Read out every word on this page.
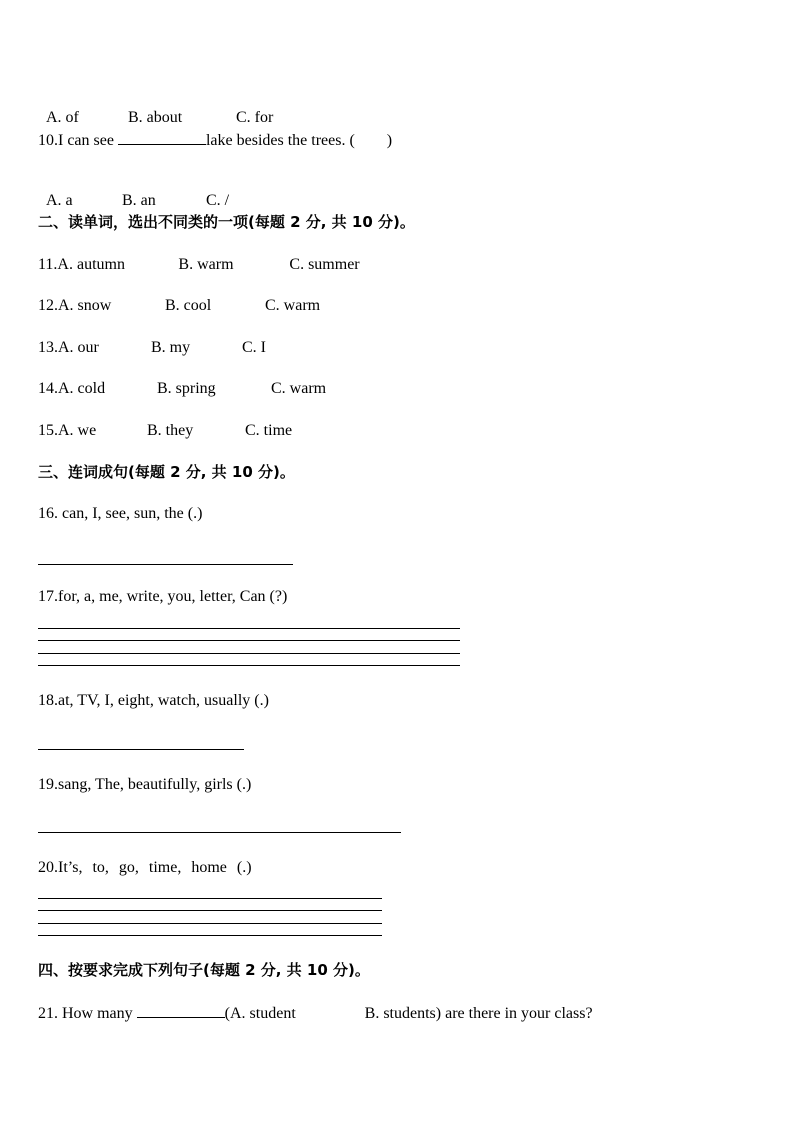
A. of	B. about	C. for

10.I can see	lake besides the trees. ( )

A. a	B. an	C. /

二、读单词，选出不同类的一项(每题 2 分, 共 10 分)。
11.A. autumn	B. warm	C. summer
12.A. snow	B. cool	C. warm
13.A. our	B. my	C. I
14.A. cold	B. spring	C. warm
15.A. we	B. they	C. time
三、连词成句(每题 2 分, 共 10 分)。
16. can, I, see, sun, the (.)
17.for, a, me, write, you, letter, Can (?)
18.at, TV, I, eight, watch, usually (.)
19.sang, The, beautifully, girls (.)
20.It’s, to, go, time, home (.)
四、按要求完成下列句子(每题 2 分, 共 10 分)。
21. How many	(A. student	B. students) are there in your class?
